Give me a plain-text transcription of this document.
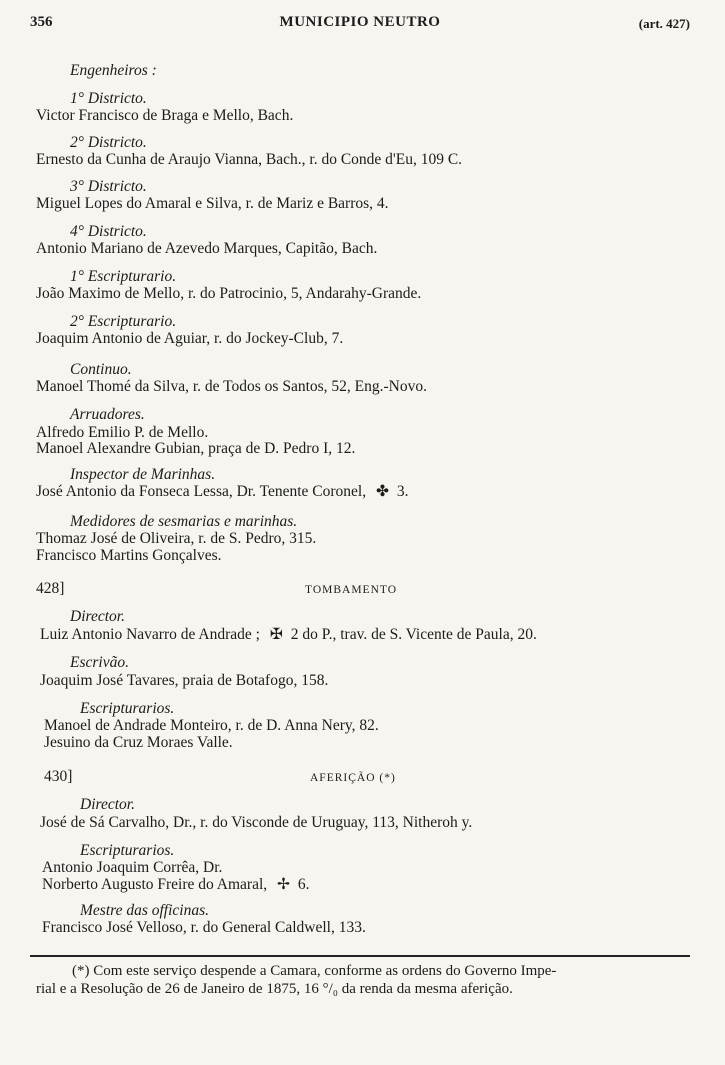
356	MUNICIPIO NEUTRO	(art. 427)
Engenheiros :
1° Districto.
Victor Francisco de Braga e Mello, Bach.
2° Districto.
Ernesto da Cunha de Araujo Vianna, Bach., r. do Conde d'Eu, 109 C.
3° Districto.
Miguel Lopes do Amaral e Silva, r. de Mariz e Barros, 4.
4° Districto.
Antonio Mariano de Azevedo Marques, Capitão, Bach.
1° Escripturario.
João Maximo de Mello, r. do Patrocinio, 5, Andarahy-Grande.
2° Escripturario.
Joaquim Antonio de Aguiar, r. do Jockey-Club, 7.
Continuo.
Manoel Thomé da Silva, r. de Todos os Santos, 52, Eng.-Novo.
Arruadores.
Alfredo Emilio P. de Mello.
Manoel Alexandre Gubian, praça de D. Pedro I, 12.
Inspector de Marinhas.
José Antonio da Fonseca Lessa, Dr. Tenente Coronel, ✤ 3.
Medidores de sesmarias e marinhas.
Thomaz José de Oliveira, r. de S. Pedro, 315.
Francisco Martins Gonçalves.
428]	TOMBAMENTO
Director.
Luiz Antonio Navarro de Andrade ; ✠ 2 do P., trav. de S. Vicente de Paula, 20.
Escrivão.
Joaquim José Tavares, praia de Botafogo, 158.
Escripturarios.
Manoel de Andrade Monteiro, r. de D. Anna Nery, 82.
Jesuino da Cruz Moraes Valle.
430]	AFERIÇÃO (*)
Director.
José de Sá Carvalho, Dr., r. do Visconde de Uruguay, 113, Nitheroh y.
Escripturarios.
Antonio Joaquim Corrêa, Dr.
Norberto Augusto Freire do Amaral, ✢ 6.
Mestre das officinas.
Francisco José Velloso, r. do General Caldwell, 133.
(*) Com este serviço despende a Camara, conforme as ordens do Governo Impe-
rial e a Resolução de 26 de Janeiro de 1875, 16 °/₀ da renda da mesma aferição.
